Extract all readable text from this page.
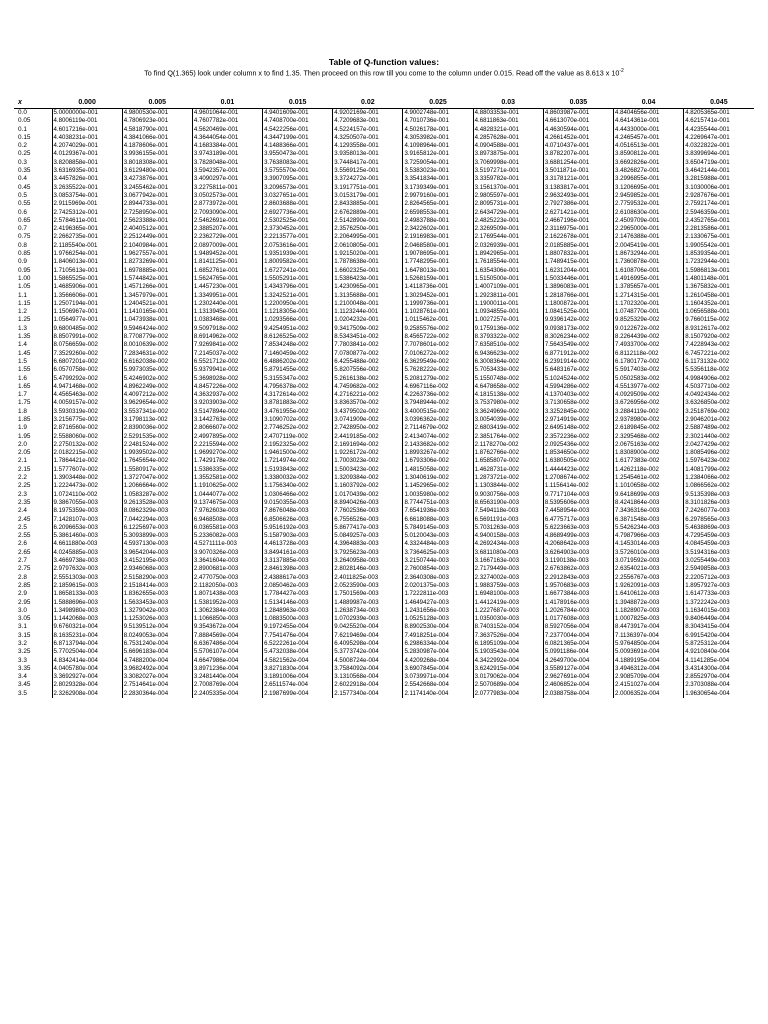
Table of Q-function values:
To find Q(1.365) look under column x to find 1.35. Then proceed on this row till you come to the column under 0.015. Read off the value as 8.613 x $10^{-2}$
x	0.000	0.005	0.01	0.015	0.02	0.025	0.03	0.035	0.04	0.045
0.0	5.0000000e-001	4.9800530e-001	4.9601064e-001	4.9401609e-001	4.9202169e-001	4.9002748e-001	4.8803353e-001	4.8603987e-001	4.8404656e-001	4.8205365e-001
0.05	4.8006119e-001	4.7806923e-001	4.7607782e-001	4.7408700e-001	4.7209683e-001	4.7010736e-001	4.6811863e-001	4.6613070e-001	4.6414361e-001	4.6215741e-001
0.1	4.6017216e-001	4.5818790e-001	4.5620469e-001	4.5422256e-001	4.5224157e-001	4.5026178e-001	4.4828321e-001	4.4630594e-001	4.4433000e-001	4.4235544e-001
0.15	4.4038231e-001	4.3841066e-001	4.3644054e-001	4.3447199e-001	4.3250507e-001	4.3053982e-001	4.2857628e-001	4.2661452e-001	4.2465457e-001	4.2269647e-001
0.2	4.2074029e-001	4.1878606e-001	4.1683384e-001	4.1488366e-001	4.1293558e-001	4.1098964e-001	4.0904588e-001	4.0710437e-001	4.0516513e-001	4.0322822e-001
0.25	4.0129367e-001	3.9936155e-001	3.9743189e-001	3.9550473e-001	3.9358013e-001	3.9165812e-001	3.8973875e-001	3.8782207e-001	3.8590812e-001	3.8399694e-001
0.3	3.8208858e-001	3.8018308e-001	3.7828048e-001	3.7638083e-001	3.7448417e-001	3.7259054e-001	3.7069998e-001	3.6881254e-001	3.6692826e-001	3.6504719e-001
0.35	3.6316935e-001	3.6129480e-001	3.5942357e-001	3.5755570e-001	3.5569125e-001	3.5383023e-001	3.5197271e-001	3.5011871e-001	3.4826827e-001	3.4642144e-001
0.4	3.4457826e-001	3.4273876e-001	3.4090297e-001	3.3907095e-001	3.3724272e-001	3.3541834e-001	3.3359782e-001	3.3178121e-001	3.2996855e-001	3.2815988e-001
0.45	3.2635522e-001	3.2455462e-001	3.2275811e-001	3.2096573e-001	3.1917751e-001	3.1739349e-001	3.1561370e-001	3.1383817e-001	3.1206695e-001	3.1030006e-001
0.5	3.0853754e-001	3.0677942e-001	3.0502573e-001	3.0327651e-001	3.0153179e-001	2.9979160e-001	2.9805597e-001	2.9632493e-001	2.9459852e-001	2.9287676e-001
0.55	2.9115969e-001	2.8944733e-001	2.8773972e-001	2.8603688e-001	2.8433885e-001	2.8264565e-001	2.8095731e-001	2.7927386e-001	2.7759532e-001	2.7592174e-001
0.6	2.7425312e-001	2.7258950e-001	2.7093090e-001	2.6927736e-001	2.6762889e-001	2.6598553e-001	2.6434729e-001	2.6271421e-001	2.6108630e-001	2.5946359e-001
0.65	2.5784611e-001	2.5623388e-001	2.5462691e-001	2.5302525e-001	2.5142890e-001	2.4983788e-001	2.4825223e-001	2.4667196e-001	2.4509709e-001	2.4352765e-001
0.7	2.4196365e-001	2.4040512e-001	2.3885207e-001	2.3730452e-001	2.3576250e-001	2.3422602e-001	2.3269509e-001	2.3116975e-001	2.2965000e-001	2.2813586e-001
0.75	2.2662735e-001	2.2512449e-001	2.2362729e-001	2.2213577e-001	2.2064995e-001	2.1916983e-001	2.1769544e-001	2.1622678e-001	2.1476388e-001	2.1330675e-001
0.8	2.1185540e-001	2.1040984e-001	2.0897009e-001	2.0753616e-001	2.0610805e-001	2.0468580e-001	2.0326939e-001	2.0185885e-001	2.0045419e-001	1.9905542e-001
0.85	1.9766254e-001	1.9627557e-001	1.9489452e-001	1.9351939e-001	1.9215020e-001	1.9078695e-001	1.8942965e-001	1.8807832e-001	1.8673294e-001	1.8539354e-001
0.9	1.8406013e-001	1.8273269e-001	1.8141125e-001	1.8009582e-001	1.7878638e-001	1.7748295e-001	1.7618554e-001	1.7489415e-001	1.7360878e-001	1.7232944e-001
0.95	1.7105613e-001	1.6978885e-001	1.6852761e-001	1.6727241e-001	1.6602325e-001	1.6478013e-001	1.6354306e-001	1.6231204e-001	1.6108706e-001	1.5986813e-001
1.00	1.5865525e-001	1.5744842e-001	1.5624765e-001	1.5505291e-001	1.5386423e-001	1.5268159e-001	1.5150500e-001	1.5033446e-001	1.4916995e-001	1.4801148e-001
1.05	1.4685906e-001	1.4571266e-001	1.4457230e-001	1.4343796e-001	1.4230965e-001	1.4118736e-001	1.4007109e-001	1.3896083e-001	1.3785657e-001	1.3675832e-001
1.1	1.3566606e-001	1.3457979e-001	1.3349951e-001	1.3242521e-001	1.3135688e-001	1.3029452e-001	1.2923811e-001	1.2818766e-001	1.2714315e-001	1.2610458e-001
1.15	1.2507194e-001	1.2404521e-001	1.2302440e-001	1.2200950e-001	1.2100048e-001	1.1999736e-001	1.1900011e-001	1.1800872e-001	1.1702320e-001	1.1604352e-001
1.2	1.1506967e-001	1.1410165e-001	1.1313945e-001	1.1218305e-001	1.1123244e-001	1.1028761e-001	1.0934855e-001	1.0841525e-001	1.0748770e-001	1.0656588e-001
1.25	1.0564977e-001	1.0473938e-001	1.0383468e-001	1.0293566e-001	1.0204232e-001	1.0115462e-001	1.0027257e-001	9.9396142e-002	9.8525329e-002	9.7660115e-002
1.3	9.6800485e-002	9.5946424e-002	9.5097918e-002	9.4254951e-002	9.3417509e-002	9.2585576e-002	9.1759136e-002	9.0938173e-002	9.0122672e-002	8.9312617e-002
1.35	8.8507991e-002	8.7708779e-002	8.6914962e-002	8.6126525e-002	8.5343451e-002	8.4565722e-002	8.3793322e-002	8.3026234e-002	8.2264439e-002	8.1507920e-002
1.4	8.0756659e-002	8.0010639e-002	7.9269841e-002	7.8534248e-002	7.7803841e-002	7.7078601e-002	7.6358510e-002	7.5643549e-002	7.4933700e-002	7.4228943e-002
1.45	7.3529260e-002	7.2834631e-002	7.2145037e-002	7.1460459e-002	7.0780877e-002	7.0106272e-002	6.9436623e-002	6.8771912e-002	6.8112118e-002	6.7457221e-002
1.5	6.6807201e-002	6.6162038e-002	6.5521712e-002	6.4886202e-002	6.4255488e-002	6.3629549e-002	6.3008364e-002	6.2391914e-002	6.1780177e-002	6.1173132e-002
1.55	6.0570758e-002	5.9973035e-002	5.9379941e-002	5.8791455e-002	5.8207556e-002	5.7628222e-002	5.7053433e-002	5.6483167e-002	5.5917403e-002	5.5356118e-002
1.6	5.4799292e-002	5.4246902e-002	5.3698928e-002	5.3155347e-002	5.2616138e-002	5.2081279e-002	5.1550748e-002	5.1024524e-002	5.0502583e-002	4.9984906e-002
1.65	4.9471468e-002	4.8962249e-002	4.8457226e-002	4.7956378e-002	4.7459682e-002	4.6967116e-002	4.6478658e-002	4.5994286e-002	4.5513977e-002	4.5037710e-002
1.7	4.4565463e-002	4.4097212e-002	4.3632937e-002	4.3172614e-002	4.2716221e-002	4.2263736e-002	4.1815138e-002	4.1370403e-002	4.0929509e-002	4.0492434e-002
1.75	4.0059157e-002	3.9629654e-002	3.9203903e-002	3.8781883e-002	3.8363570e-002	3.7948944e-002	3.7537980e-002	3.7130658e-002	3.6726956e-002	3.6326850e-002
1.8	3.5930319e-002	3.5537341e-002	3.5147894e-002	3.4761955e-002	3.4379502e-002	3.4000515e-002	3.3624969e-002	3.3252845e-002	3.2884119e-002	3.2518769e-002
1.85	3.2156775e-002	3.1798113e-002	3.1442763e-002	3.1090702e-002	3.0741909e-002	3.0396362e-002	3.0054039e-002	2.9714919e-002	2.9378980e-002	2.9046201e-002
1.9	2.8716560e-002	2.8390036e-002	2.8066607e-002	2.7746252e-002	2.7428950e-002	2.7114679e-002	2.6803419e-002	2.6495148e-002	2.6189845e-002	2.5887489e-002
1.95	2.5588060e-002	2.5291535e-002	2.4997895e-002	2.4707119e-002	2.4419185e-002	2.4134074e-002	2.3851764e-002	2.3572236e-002	2.3295468e-002	2.3021440e-002
2.0	2.2750132e-002	2.2481524e-002	2.2215594e-002	2.1952325e-002	2.1691694e-002	2.1433682e-002	2.1178270e-002	2.0925436e-002	2.0675163e-002	2.0427429e-002
2.05	2.0182215e-002	1.9939502e-002	1.9699270e-002	1.9461500e-002	1.9226172e-002	1.8993267e-002	1.8762766e-002	1.8534650e-002	1.8308900e-002	1.8085496e-002
2.1	1.7864421e-002	1.7645654e-002	1.7429178e-002	1.7214974e-002	1.7003023e-002	1.6793306e-002	1.6585807e-002	1.6380505e-002	1.6177383e-002	1.5976423e-002
2.15	1.5777607e-002	1.5580917e-002	1.5386335e-002	1.5193843e-002	1.5003423e-002	1.4815058e-002	1.4628731e-002	1.4444423e-002	1.4262118e-002	1.4081799e-002
2.2	1.3903448e-002	1.3727047e-002	1.3552581e-002	1.3380032e-002	1.3209384e-002	1.3040619e-002	1.2873721e-002	1.2708674e-002	1.2545461e-002	1.2384066e-002
2.25	1.2224473e-002	1.2066664e-002	1.1910625e-002	1.1756340e-002	1.1603792e-002	1.1452965e-002	1.1303844e-002	1.1156414e-002	1.1010658e-002	1.0866562e-002
2.3	1.0724110e-002	1.0583287e-002	1.0444077e-002	1.0306466e-002	1.0170439e-002	1.0035980e-002	9.9030756e-003	9.7717104e-003	9.6418699e-003	9.5135398e-003
2.35	9.3867055e-003	9.2613528e-003	9.1374675e-003	9.0150355e-003	8.8940426e-003	8.7744751e-003	8.6563190e-003	8.5395606e-003	8.4241864e-003	8.3101826e-003
2.4	8.1975359e-003	8.0862329e-003	7.9762603e-003	7.8676048e-003	7.7602536e-003	7.6541936e-003	7.5494118e-003	7.4458954e-003	7.3436316e-003	7.2426077e-003
2.45	7.1428107e-003	7.0442294e-003	6.9468508e-003	6.8506626e-003	6.7556526e-003	6.6618088e-003	6.5691191e-003	6.4775717e-003	6.3871548e-003	6.2978565e-003
2.5	6.2096653e-003	6.1225697e-003	6.0365581e-003	5.9516192e-003	5.8677417e-003	5.7849145e-003	5.7031263e-003	5.6223663e-003	5.5426234e-003	5.4638869e-003
2.55	5.3861460e-003	5.3093899e-003	5.2336082e-003	5.1587903e-003	5.0849257e-003	5.0120043e-003	4.9400158e-003	4.8689499e-003	4.7987966e-003	4.7295459e-003
2.6	4.6611880e-003	4.5937130e-003	4.5271111e-003	4.4613728e-003	4.3964883e-003	4.3324484e-003	4.2692434e-003	4.2068642e-003	4.1453014e-003	4.0845459e-003
2.65	4.0245885e-003	3.9654204e-003	3.9070326e-003	3.8494161e-003	3.7925623e-003	3.7364625e-003	3.6811080e-003	3.6264903e-003	3.5726010e-003	3.5194316e-003
2.7	3.4669738e-003	3.4152195e-003	3.3641604e-003	3.3137885e-003	3.2640958e-003	3.2150744e-003	3.1667163e-003	3.1190138e-003	3.0719592e-003	3.0255449e-003
2.75	2.9797632e-003	2.9346068e-003	2.8900681e-003	2.8461398e-003	2.8028146e-003	2.7600854e-003	2.7179449e-003	2.6763862e-003	2.6354021e-003	2.5949858e-003
2.8	2.5551303e-003	2.5158290e-003	2.4770750e-003	2.4388617e-003	2.4011825e-003	2.3640308e-003	2.3274002e-003	2.2912843e-003	2.2556767e-003	2.2205712e-003
2.85	2.1859615e-003	2.1518414e-003	2.1182050e-003	2.0850462e-003	2.0523590e-003	2.0201375e-003	1.9883759e-003	1.9570683e-003	1.9262091e-003	1.8957927e-003
2.9	1.8658133e-003	1.8362655e-003	1.8071438e-003	1.7784427e-003	1.7501569e-003	1.7222811e-003	1.6948100e-003	1.6677384e-003	1.6410612e-003	1.6147733e-003
2.95	1.5888696e-003	1.5633453e-003	1.5381952e-003	1.5134146e-003	1.4889987e-003	1.4649427e-003	1.4412419e-003	1.4178916e-003	1.3948872e-003	1.3722242e-003
3.0	1.3498980e-003	1.3279042e-003	1.3062384e-003	1.2848963e-003	1.2638734e-003	1.2431656e-003	1.2227687e-003	1.2026784e-003	1.1828907e-003	1.1634015e-003
3.05	1.1442068e-003	1.1253026e-003	1.1066850e-003	1.0883500e-003	1.0702939e-003	1.0525128e-003	1.0350030e-003	1.0177608e-003	1.0007825e-003	9.8406449e-004
3.1	9.6760321e-004	9.5139512e-004	9.3543672e-004	9.1972455e-004	9.0425520e-004	8.8902530e-004	8.7403152e-004	8.5927056e-004	8.4473917e-004	8.3043415e-004
3.15	8.1635231e-004	8.0249053e-004	7.8884569e-004	7.7541476e-004	7.6219469e-004	7.4918251e-004	7.3637526e-004	7.2377004e-004	7.1136397e-004	6.9915420e-004
3.2	6.8713794e-004	6.7531240e-004	6.6367486e-004	6.5222261e-004	6.4095298e-004	6.2986334e-004	6.1895109e-004	6.0821365e-004	5.9764850e-004	5.8725312e-004
3.25	5.7702504e-004	5.6696183e-004	5.5706107e-004	5.4732038e-004	5.3773742e-004	5.2830987e-004	5.1903543e-004	5.0991186e-004	5.0093691e-004	4.9210840e-004
3.3	4.8342414e-004	4.7488200e-004	4.6647986e-004	4.5821562e-004	4.5008724e-004	4.4209268e-004	4.3422992e-004	4.2649700e-004	4.1889195e-004	4.1141285e-004
3.35	4.0405780e-004	3.9682492e-004	3.8971236e-004	3.8271830e-004	3.7584092e-004	3.6907845e-004	3.6242915e-004	3.5589127e-004	3.4946312e-004	3.4314300e-004
3.4	3.3692927e-004	3.3082027e-004	3.2481440e-004	3.1891006e-004	3.1310568e-004	3.0739971e-004	3.0179062e-004	2.9627691e-004	2.9085709e-004	2.8552970e-004
3.45	2.8029328e-004	2.7514641e-004	2.7008769e-004	2.6511574e-004	2.6022918e-004	2.5542668e-004	2.5070689e-004	2.4606852e-004	2.4151027e-004	2.3703088e-004
3.5	2.3262908e-004	2.2830364e-004	2.2405335e-004	2.1987699e-004	2.1577340e-004	2.1174140e-004	2.0777983e-004	2.0388758e-004	2.0006352e-004	1.9630654e-004
